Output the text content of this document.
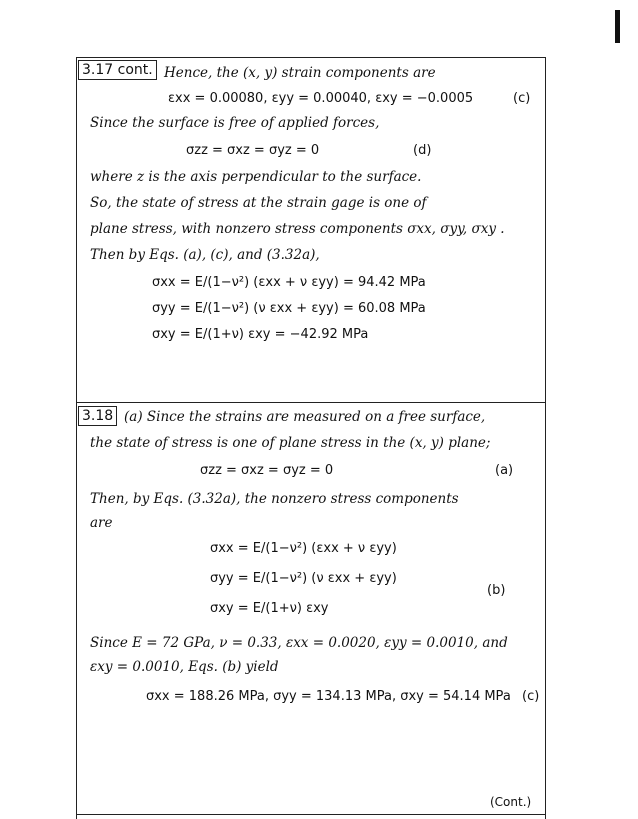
3.17 cont. Hence, the (x, y) strain components are
εxx = 0.00080, εyy = 0.00040, εxy = −0.0005	(c)
Since the surface is free of applied forces,
σzz = σxz = σyz = 0	(d)
where z is the axis perpendicular to the surface.
So, the state of stress at the strain gage is one of
plane stress, with nonzero stress components σxx, σyy, σxy .
Then by Eqs. (a), (c), and (3.32a),
σxx = E/(1−ν²) (εxx + ν εyy) = 94.42 MPa
σyy = E/(1−ν²) (ν εxx + εyy) = 60.08 MPa
σxy = E/(1+ν) εxy = −42.92 MPa
3.18 (a) Since the strains are measured on a free surface,
the state of stress is one of plane stress in the (x, y) plane;
σzz = σxz = σyz = 0	(a)
Then, by Eqs. (3.32a), the nonzero stress components
are
σxx = E/(1−ν²) (εxx + ν εyy)
σyy = E/(1−ν²) (ν εxx + εyy)
(b)
σxy = E/(1+ν) εxy
Since E = 72 GPa, ν = 0.33, εxx = 0.0020, εyy = 0.0010, and
εxy = 0.0010, Eqs. (b) yield
σxx = 188.26 MPa, σyy = 134.13 MPa, σxy = 54.14 MPa (c)
(Cont.)
